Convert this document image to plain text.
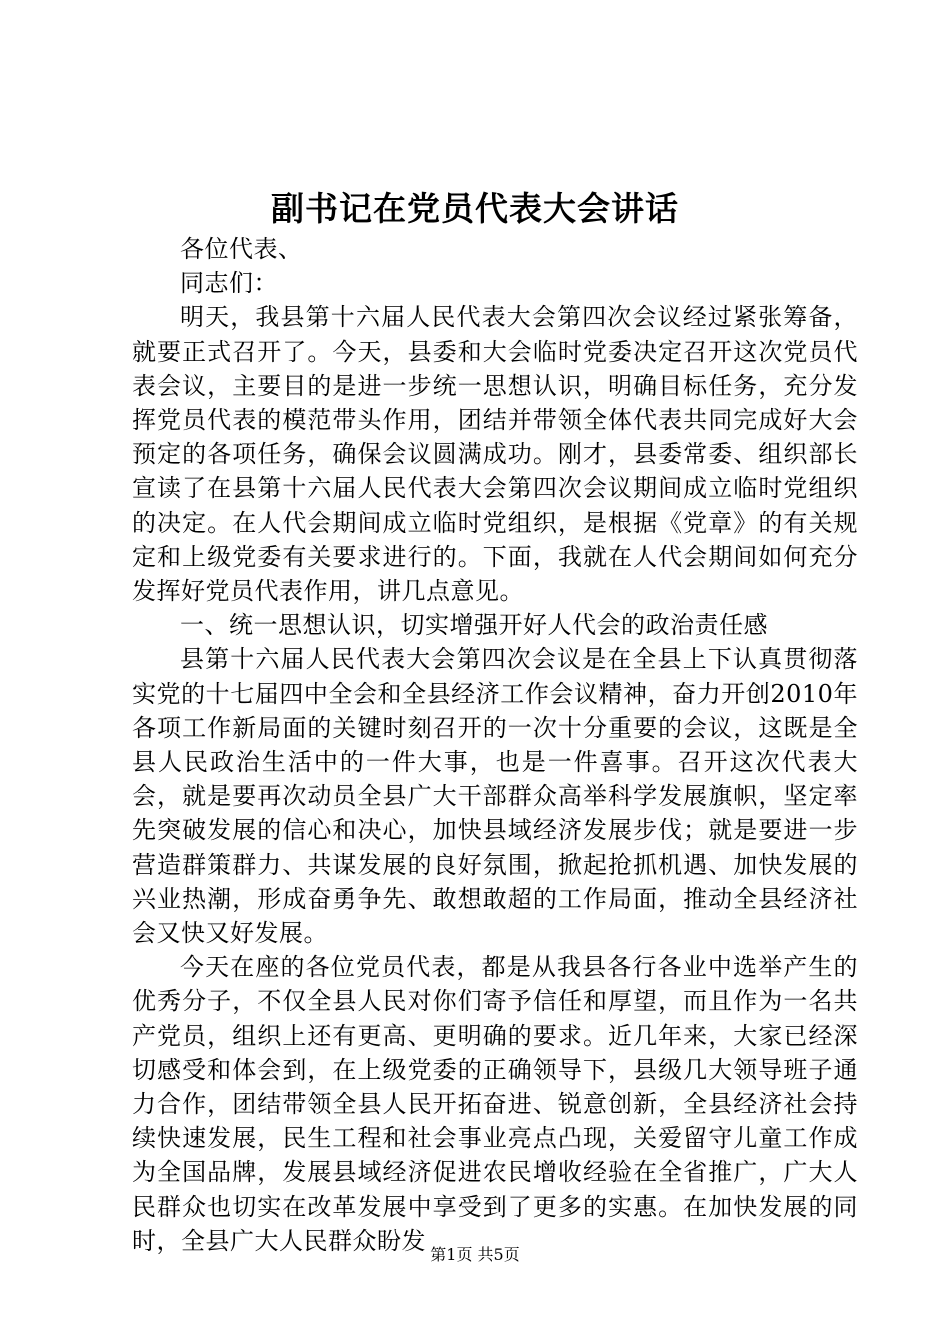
副书记在党员代表大会讲话

各位代表、

同志们：

明天，我县第十六届人民代表大会第四次会议经过紧张筹备，就要正式召开了。今天，县委和大会临时党委决定召开这次党员代表会议，主要目的是进一步统一思想认识，明确目标任务，充分发挥党员代表的模范带头作用，团结并带领全体代表共同完成好大会预定的各项任务，确保会议圆满成功。刚才，县委常委、组织部长宣读了在县第十六届人民代表大会第四次会议期间成立临时党组织的决定。在人代会期间成立临时党组织，是根据《党章》的有关规定和上级党委有关要求进行的。下面，我就在人代会期间如何充分发挥好党员代表作用，讲几点意见。

一、统一思想认识，切实增强开好人代会的政治责任感

县第十六届人民代表大会第四次会议是在全县上下认真贯彻落实党的十七届四中全会和全县经济工作会议精神，奋力开创2010年各项工作新局面的关键时刻召开的一次十分重要的会议，这既是全县人民政治生活中的一件大事，也是一件喜事。召开这次代表大会，就是要再次动员全县广大干部群众高举科学发展旗帜，坚定率先突破发展的信心和决心，加快县域经济发展步伐；就是要进一步营造群策群力、共谋发展的良好氛围，掀起抢抓机遇、加快发展的兴业热潮，形成奋勇争先、敢想敢超的工作局面，推动全县经济社会又快又好发展。

今天在座的各位党员代表，都是从我县各行各业中选举产生的优秀分子，不仅全县人民对你们寄予信任和厚望，而且作为一名共产党员，组织上还有更高、更明确的要求。近几年来，大家已经深切感受和体会到，在上级党委的正确领导下，县级几大领导班子通力合作，团结带领全县人民开拓奋进、锐意创新，全县经济社会持续快速发展，民生工程和社会事业亮点凸现，关爱留守儿童工作成为全国品牌，发展县域经济促进农民增收经验在全省推广，广大人民群众也切实在改革发展中享受到了更多的实惠。在加快发展的同时，全县广大人民群众盼发 第1页 共5页
